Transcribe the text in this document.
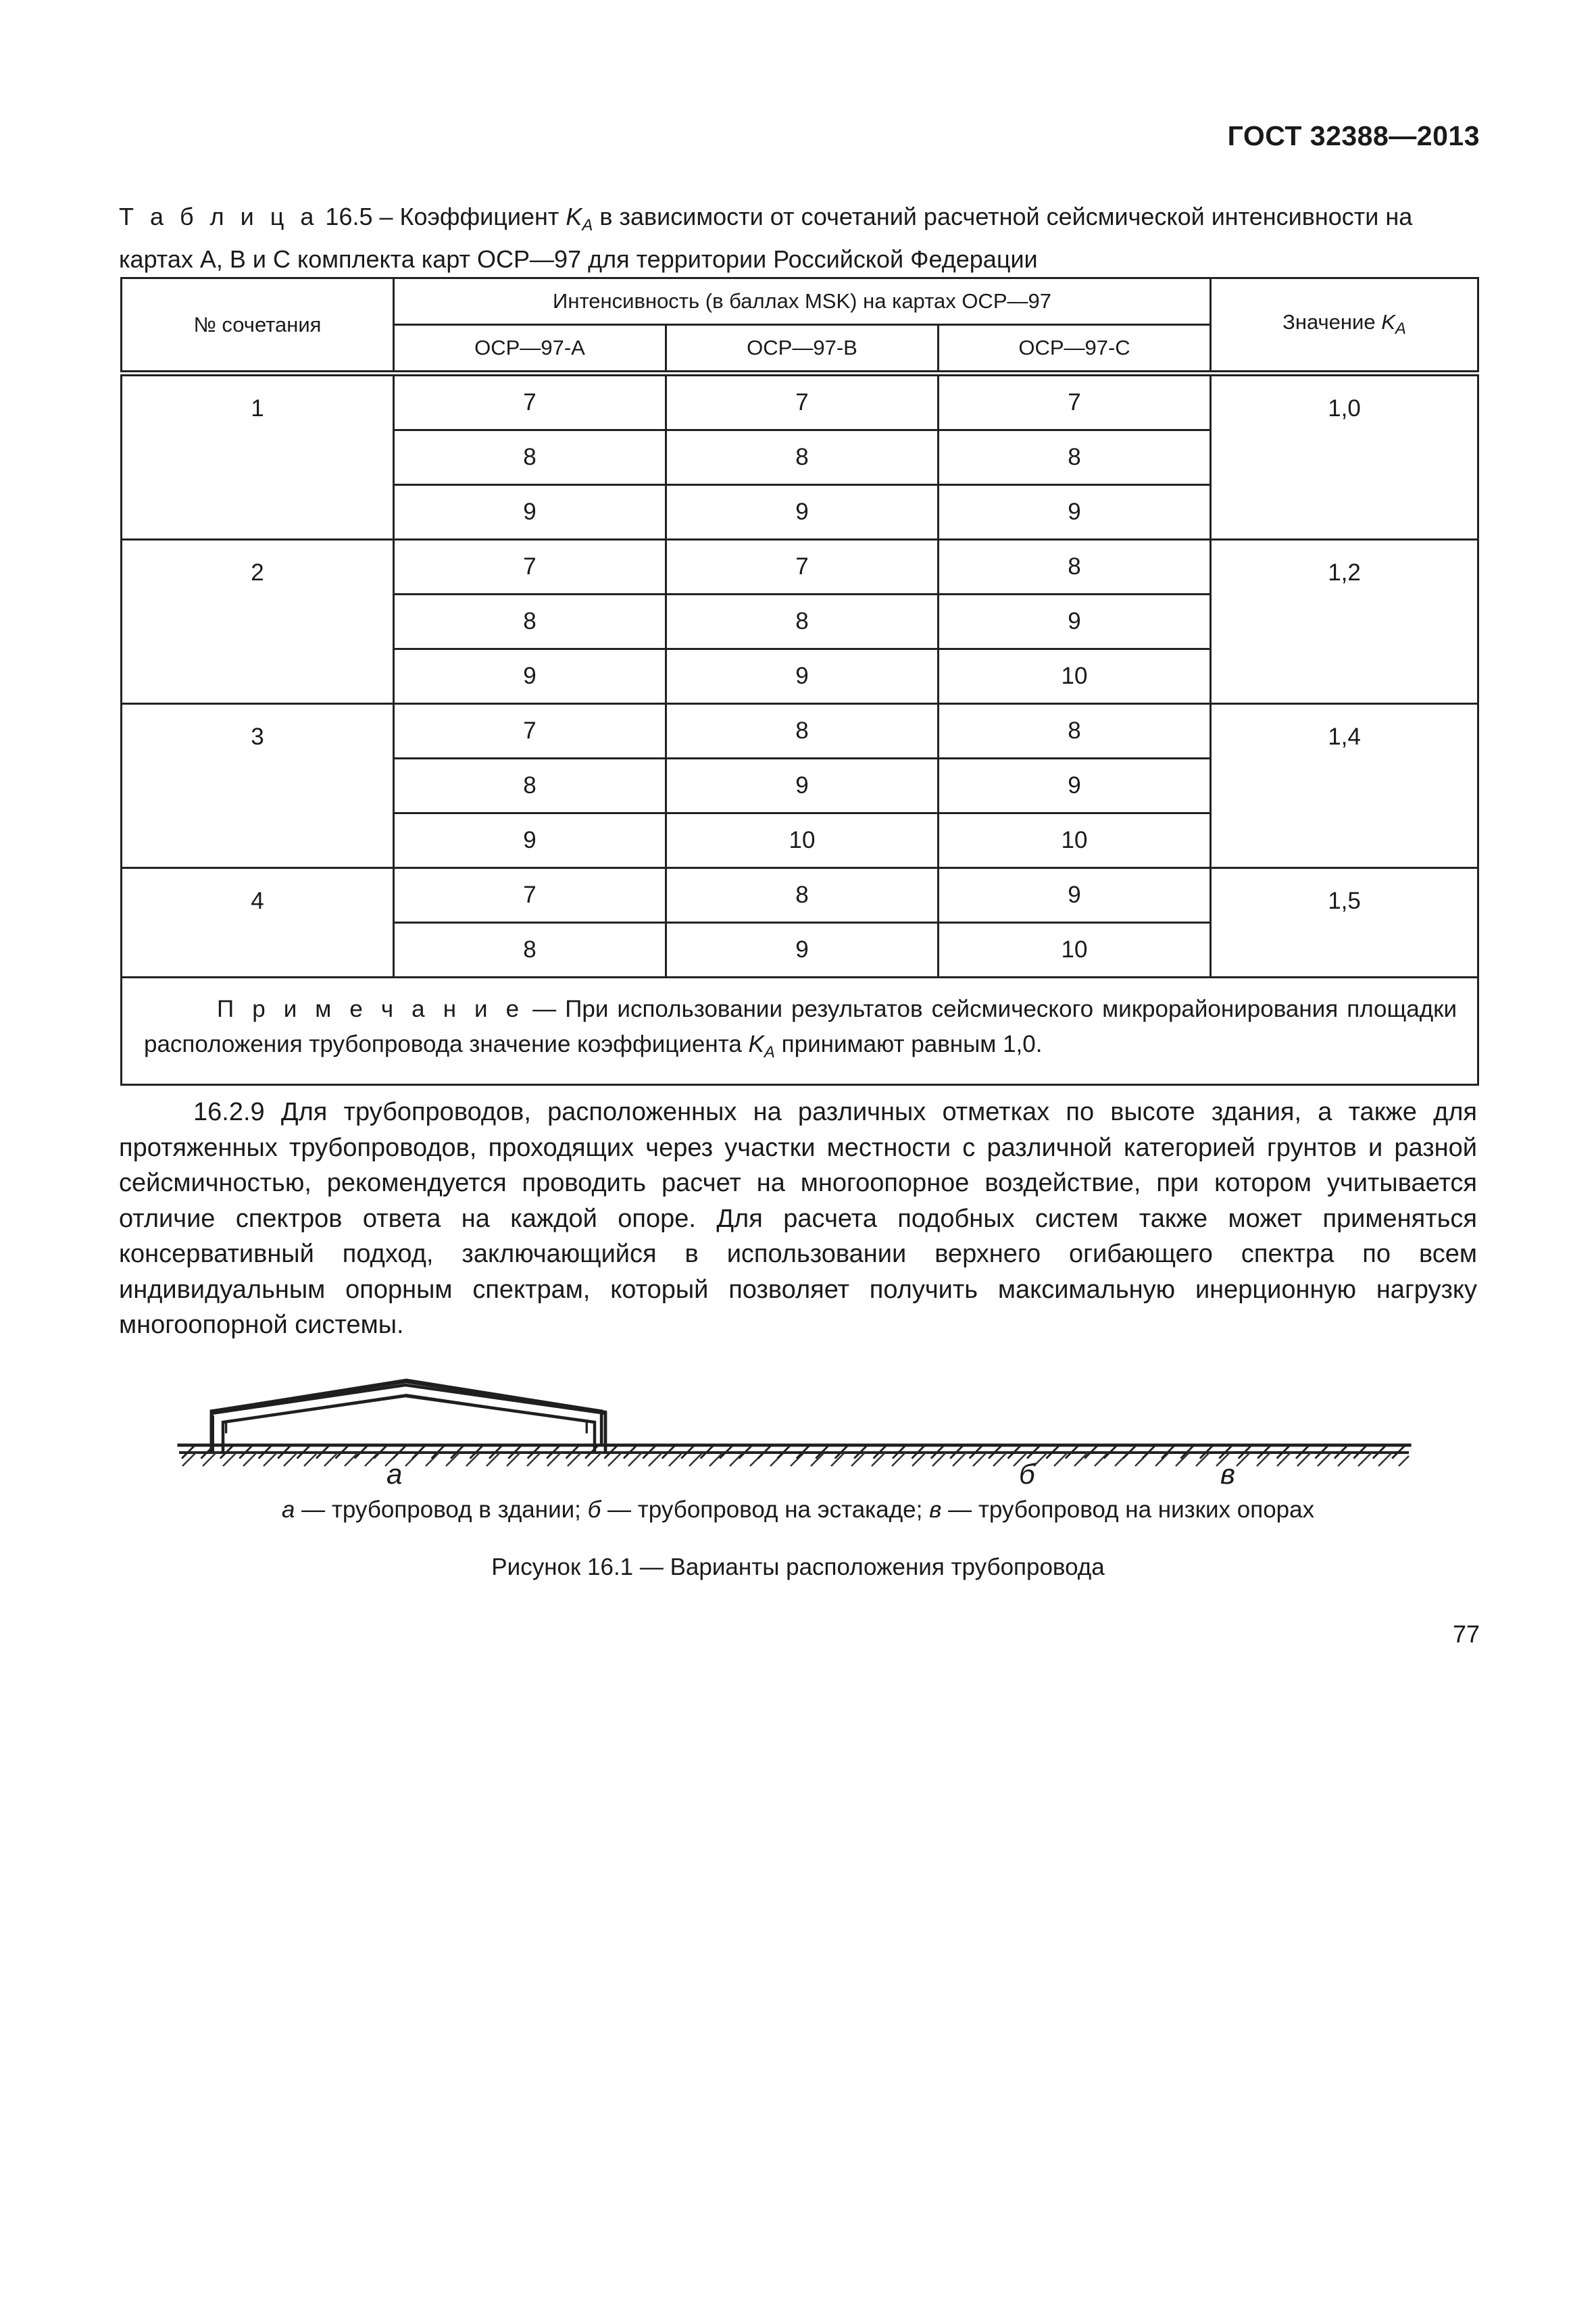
ГОСТ 32388—2013
Т а б л и ц а 16.5 – Коэффициент $K_A$ в зависимости от сочетаний расчетной сейсмической интенсивности на картах A, B и C комплекта карт ОСР—97 для территории Российской Федерации
№ сочетания	Интенсивность (в баллах MSK) на картах ОСР—97			Значение $K_A$
	ОСР—97-А	ОСР—97-В	ОСР—97-С	
1	7	7	7	1,0
	8	8	8	
	9	9	9	
2	7	7	8	1,2
	8	8	9	
	9	9	10	
3	7	8	8	1,4
	8	9	9	
	9	10	10	
4	7	8	9	1,5
	8	9	10	
П р и м е ч а н и е — При использовании результатов сейсмического микрорайонирования площадки расположения трубопровода значение коэффициента $K_A$ принимают равным 1,0.				
16.2.9 Для трубопроводов, расположенных на различных отметках по высоте здания, а также для протяженных трубопроводов, проходящих через участки местности с различной категорией грунтов и разной сейсмичностью, рекомендуется проводить расчет на многоопорное воздействие, при котором учитывается отличие спектров ответа на каждой опоре. Для расчета подобных систем также может применяться консервативный подход, заключающийся в использовании верхнего огибающего спектра по всем индивидуальным опорным спектрам, который позволяет получить максимальную инерционную нагрузку многоопорной системы.
а	б	в
а — трубопровод в здании; б — трубопровод на эстакаде; в — трубопровод на низких опорах
Рисунок 16.1 — Варианты расположения трубопровода
77
